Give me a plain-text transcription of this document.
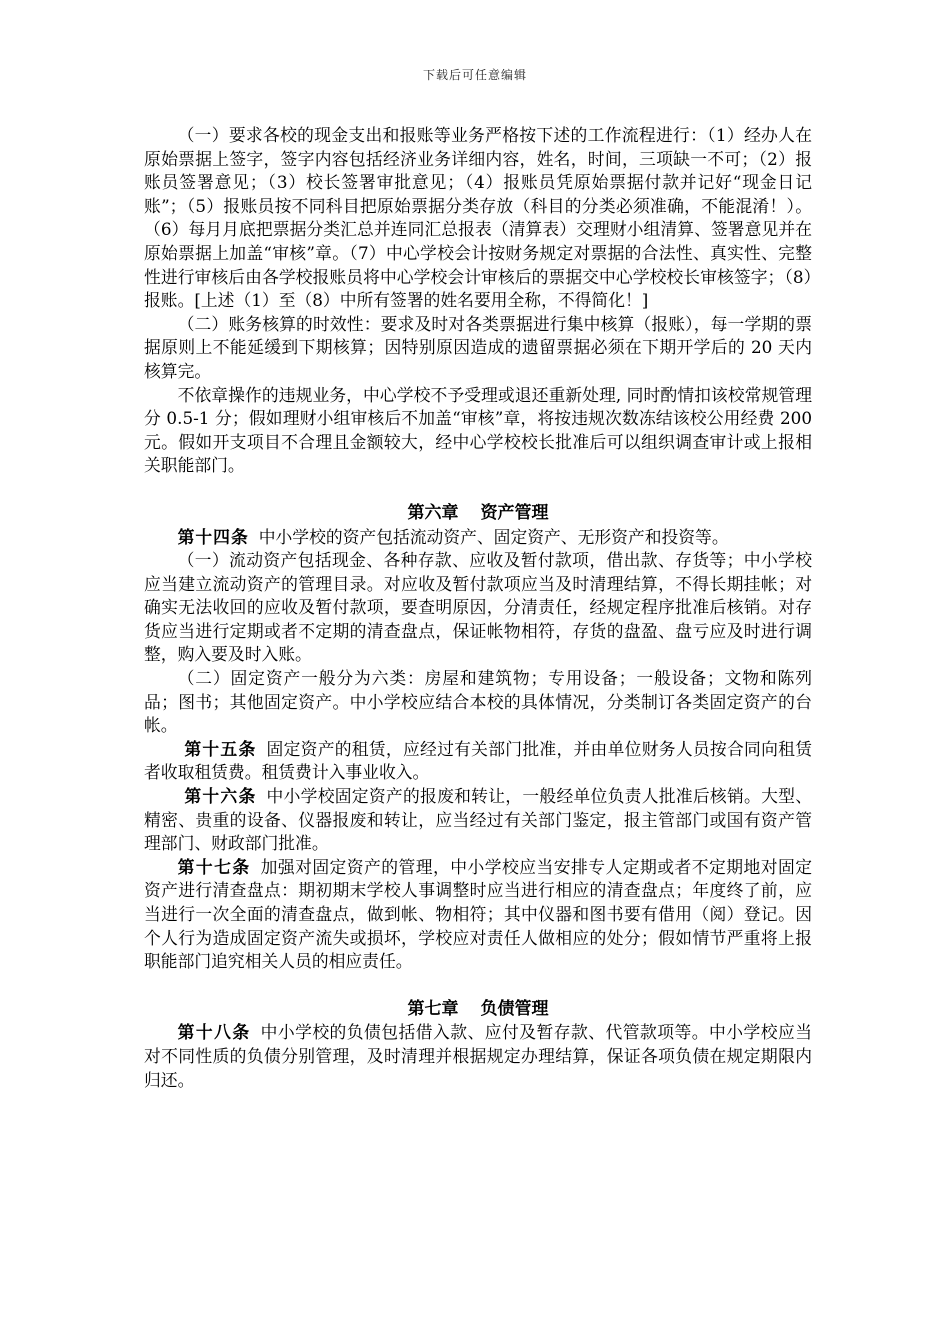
下载后可任意编辑

（一）要求各校的现金支出和报账等业务严格按下述的工作流程进行：（1）经办人在原始票据上签字，签字内容包括经济业务详细内容，姓名，时间，三项缺一不可；（2）报账员签署意见；（3）校长签署审批意见；（4）报账员凭原始票据付款并记好“现金日记账”；（5）报账员按不同科目把原始票据分类存放（科目的分类必须准确，不能混淆！）。（6）每月月底把票据分类汇总并连同汇总报表（清算表）交理财小组清算、签署意见并在原始票据上加盖“审核”章。（7）中心学校会计按财务规定对票据的合法性、真实性、完整性进行审核后由各学校报账员将中心学校会计审核后的票据交中心学校校长审核签字；（8）报账。[上述（1）至（8）中所有签署的姓名要用全称，不得简化！]

（二）账务核算的时效性：要求及时对各类票据进行集中核算（报账），每一学期的票据原则上不能延缓到下期核算；因特别原因造成的遗留票据必须在下期开学后的 20 天内核算完。

不依章操作的违规业务，中心学校不予受理或退还重新处理, 同时酌情扣该校常规管理分 0.5-1 分；假如理财小组审核后不加盖“审核”章，将按违规次数冻结该校公用经费 200 元。假如开支项目不合理且金额较大，经中心学校校长批准后可以组织调查审计或上报相关职能部门。

第六章 资产管理

第十四条 中小学校的资产包括流动资产、固定资产、无形资产和投资等。

（一）流动资产包括现金、各种存款、应收及暂付款项，借出款、存货等；中小学校应当建立流动资产的管理目录。对应收及暂付款项应当及时清理结算，不得长期挂帐；对确实无法收回的应收及暂付款项，要查明原因，分清责任，经规定程序批准后核销。对存货应当进行定期或者不定期的清查盘点，保证帐物相符，存货的盘盈、盘亏应及时进行调整，购入要及时入账。

（二）固定资产一般分为六类：房屋和建筑物；专用设备；一般设备；文物和陈列品；图书；其他固定资产。中小学校应结合本校的具体情况，分类制订各类固定资产的台帐。

第十五条 固定资产的租赁，应经过有关部门批准，并由单位财务人员按合同向租赁者收取租赁费。租赁费计入事业收入。

第十六条 中小学校固定资产的报废和转让，一般经单位负责人批准后核销。大型、精密、贵重的设备、仪器报废和转让，应当经过有关部门鉴定，报主管部门或国有资产管理部门、财政部门批准。

第十七条 加强对固定资产的管理，中小学校应当安排专人定期或者不定期地对固定资产进行清查盘点：期初期末学校人事调整时应当进行相应的清查盘点；年度终了前，应当进行一次全面的清查盘点，做到帐、物相符；其中仪器和图书要有借用（阅）登记。因个人行为造成固定资产流失或损坏，学校应对责任人做相应的处分；假如情节严重将上报职能部门追究相关人员的相应责任。

第七章 负债管理

第十八条 中小学校的负债包括借入款、应付及暂存款、代管款项等。中小学校应当对不同性质的负债分别管理，及时清理并根据规定办理结算，保证各项负债在规定期限内归还。
